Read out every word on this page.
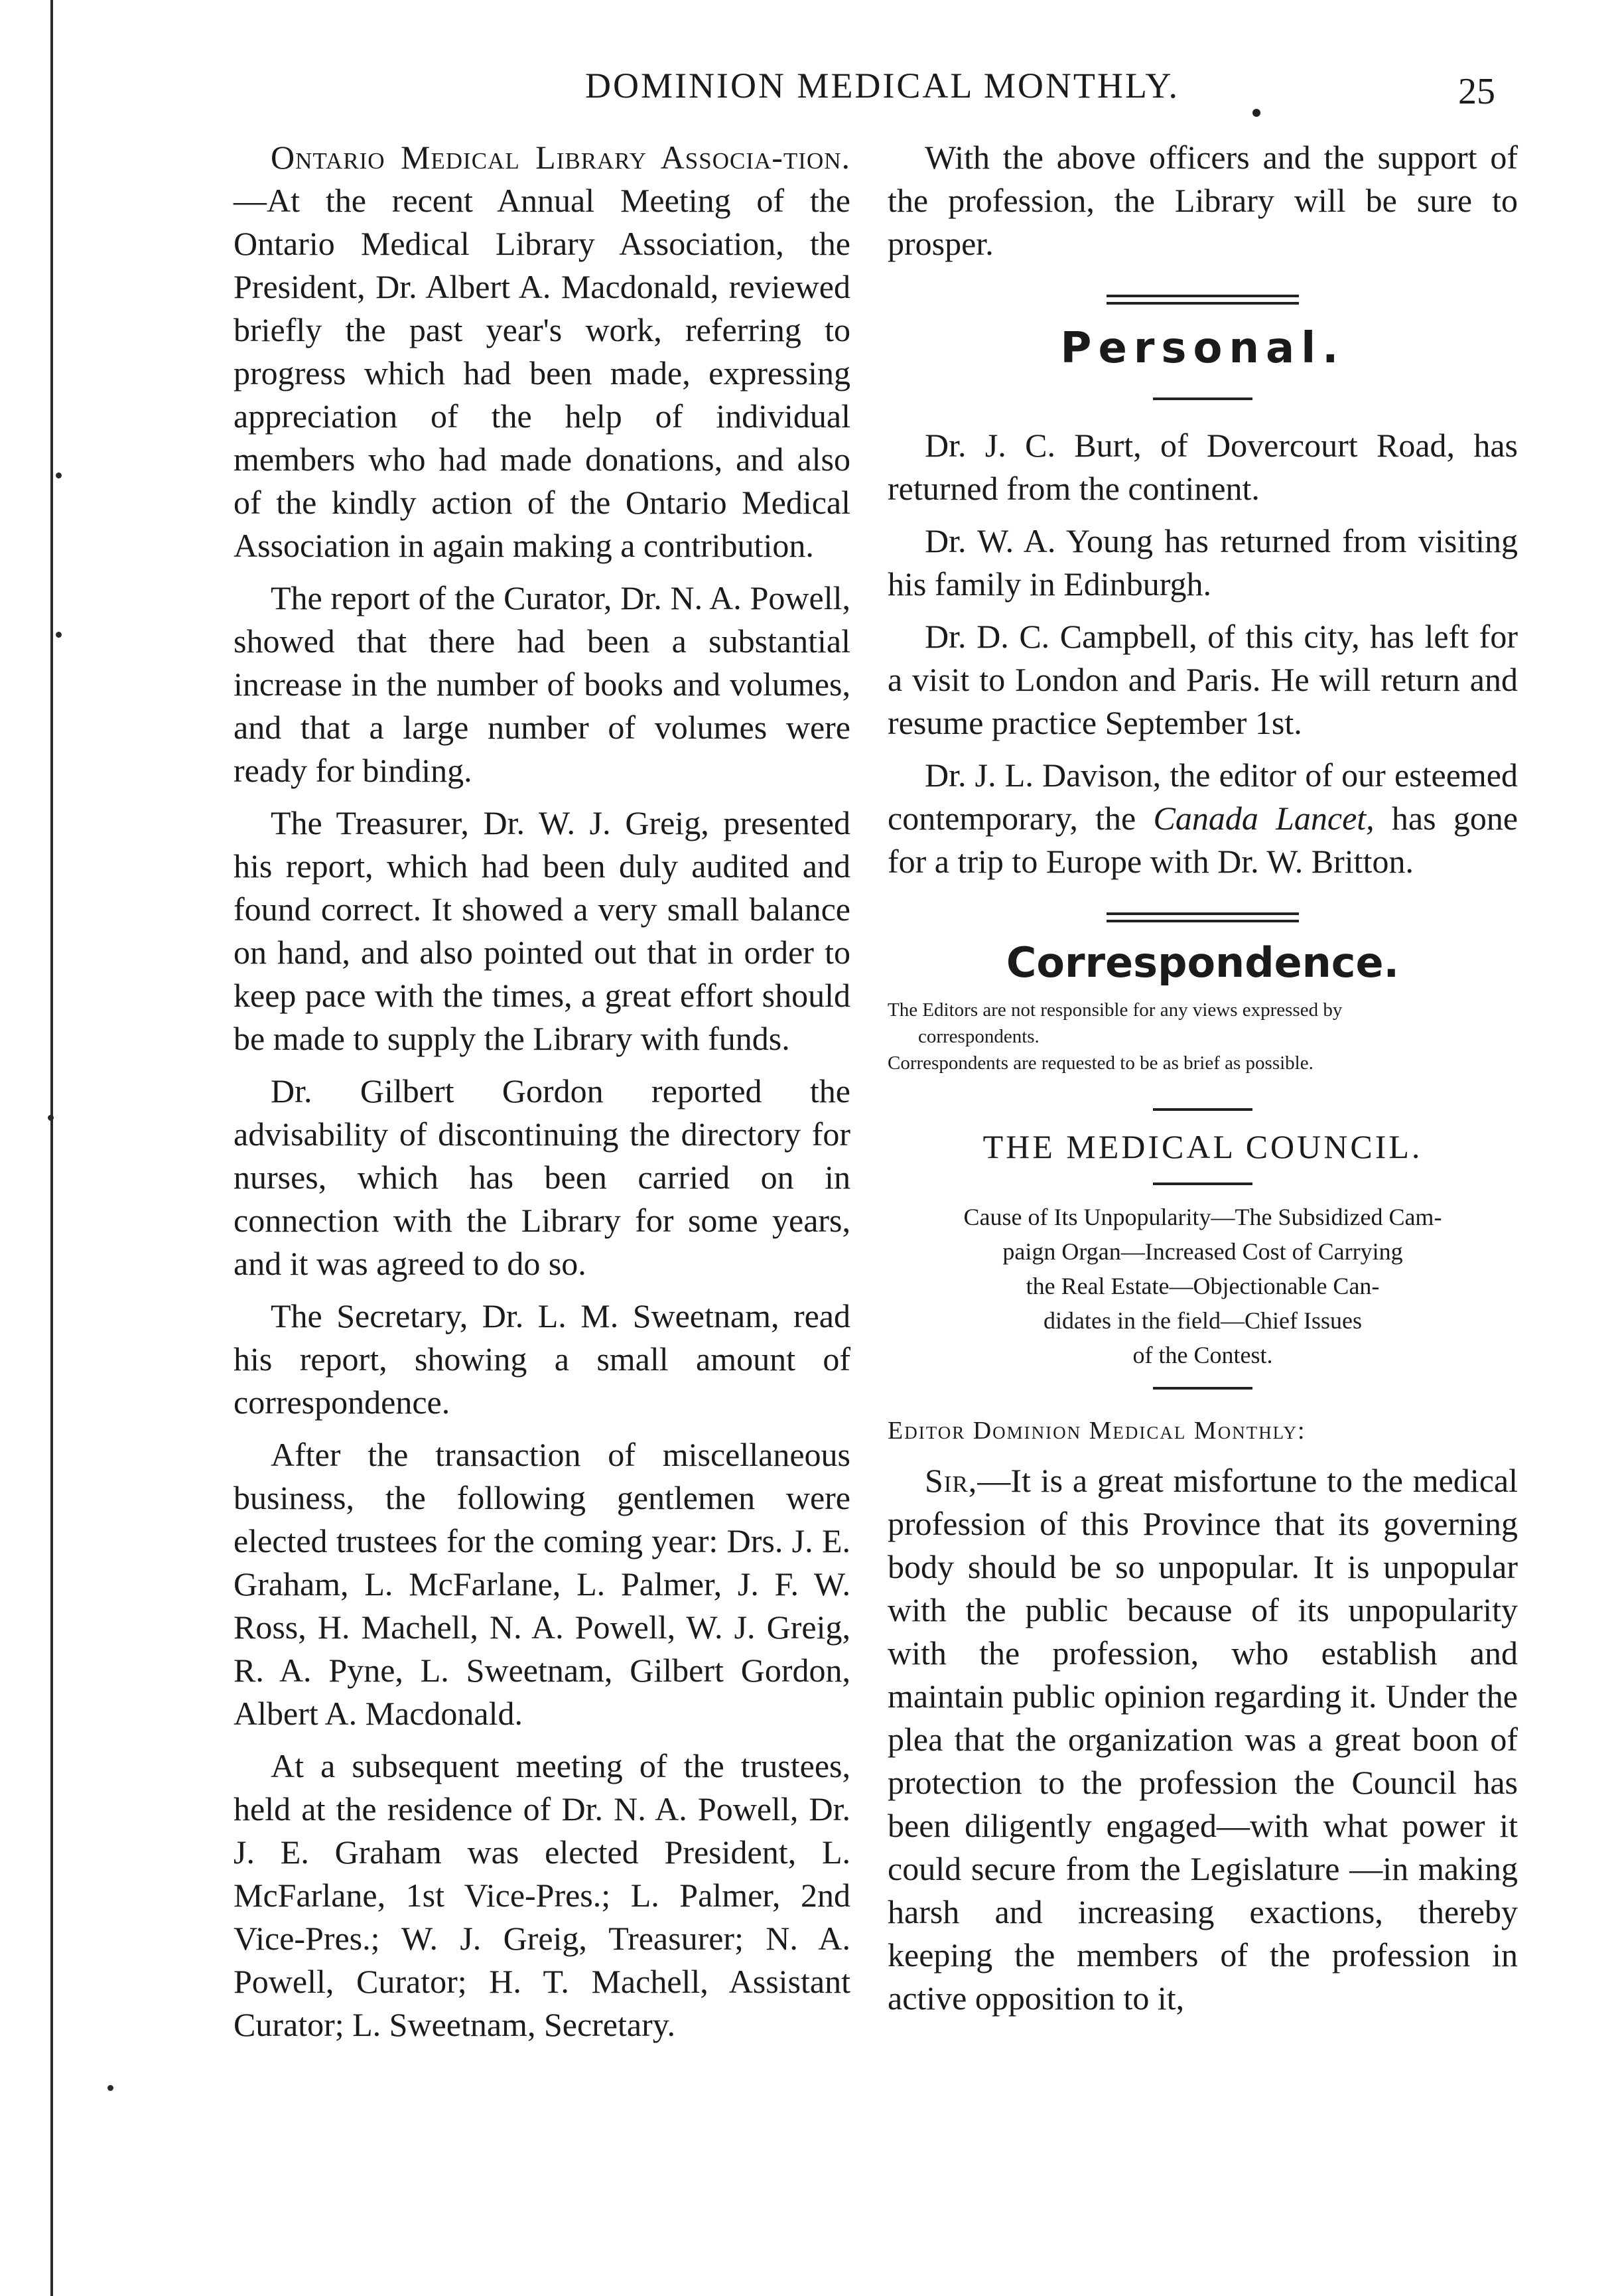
DOMINION MEDICAL MONTHLY.	25

Ontario Medical Library Associa-tion.—At the recent Annual Meeting of the Ontario Medical Library Association, the President, Dr. Albert A. Macdonald, reviewed briefly the past year's work, referring to progress which had been made, expressing appreciation of the help of individual members who had made donations, and also of the kindly action of the Ontario Medical Association in again making a contribution.

The report of the Curator, Dr. N. A. Powell, showed that there had been a substantial increase in the number of books and volumes, and that a large number of volumes were ready for binding.

The Treasurer, Dr. W. J. Greig, presented his report, which had been duly audited and found correct. It showed a very small balance on hand, and also pointed out that in order to keep pace with the times, a great effort should be made to supply the Library with funds.

Dr. Gilbert Gordon reported the advisability of discontinuing the directory for nurses, which has been carried on in connection with the Library for some years, and it was agreed to do so.

The Secretary, Dr. L. M. Sweetnam, read his report, showing a small amount of correspondence.

After the transaction of miscellaneous business, the following gentlemen were elected trustees for the coming year: Drs. J. E. Graham, L. McFarlane, L. Palmer, J. F. W. Ross, H. Machell, N. A. Powell, W. J. Greig, R. A. Pyne, L. Sweetnam, Gilbert Gordon, Albert A. Macdonald.

At a subsequent meeting of the trustees, held at the residence of Dr. N. A. Powell, Dr. J. E. Graham was elected President, L. McFarlane, 1st Vice-Pres.; L. Palmer, 2nd Vice-Pres.; W. J. Greig, Treasurer; N. A. Powell, Curator; H. T. Machell, Assistant Curator; L. Sweetnam, Secretary.

With the above officers and the support of the profession, the Library will be sure to prosper.

Personal.

Dr. J. C. Burt, of Dovercourt Road, has returned from the continent.

Dr. W. A. Young has returned from visiting his family in Edinburgh.

Dr. D. C. Campbell, of this city, has left for a visit to London and Paris. He will return and resume practice September 1st.

Dr. J. L. Davison, the editor of our esteemed contemporary, the Canada Lancet, has gone for a trip to Europe with Dr. W. Britton.

Correspondence.
The Editors are not responsible for any views expressed by
correspondents.
Correspondents are requested to be as brief as possible.
THE MEDICAL COUNCIL.
Cause of Its Unpopularity—The Subsidized Cam-
paign Organ—Increased Cost of Carrying
the Real Estate—Objectionable Can-
didates in the field—Chief Issues
of the Contest.
Editor Dominion Medical Monthly:

Sir,—It is a great misfortune to the medical profession of this Province that its governing body should be so unpopular. It is unpopular with the public because of its unpopularity with the profession, who establish and maintain public opinion regarding it. Under the plea that the organization was a great boon of protection to the profession the Council has been diligently engaged—with what power it could secure from the Legislature —in making harsh and increasing exactions, thereby keeping the members of the profession in active opposition to it,
